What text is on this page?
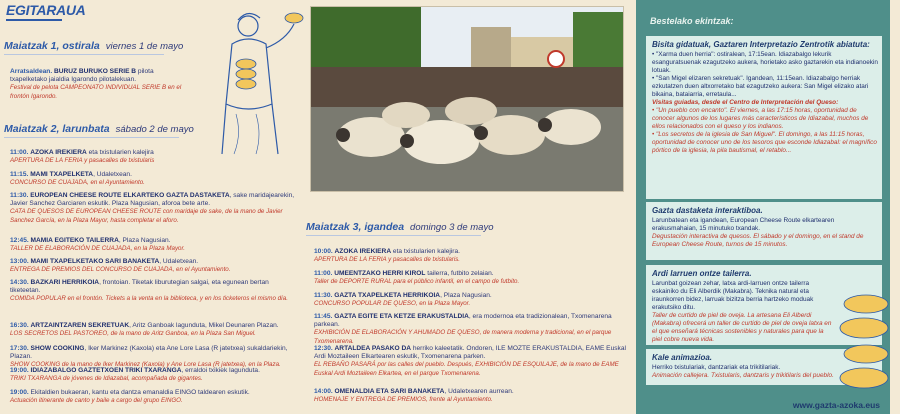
EGITARAUA
Maiatzak 1, ostirala viernes 1 de mayo
Arratsaldean. BURUZ BURUKO SERIE B pilota txapelketako jaialdia Igarondo pilotalekuan.
Festival de pelota CAMPEONATO INDIVIDUAL SERIE B en el frontón Igarondo.
Maiatzak 2, larunbata sábado 2 de mayo
11:00. AZOKA IREKIERA eta txistularien kalejira
APERTURA DE LA FERIA y pasacalles de txistularis
11:15. MAMI TXAPELKETA, Udaletxean.
CONCURSO DE CUAJADA, en el Ayuntamiento.
11:30. EUROPEAN CHEESE ROUTE ELKARTEKO GAZTA DASTAKETA, sake maridajearekin, Javier Sanchez Garciaren eskutik. Plaza Nagusian, aforoa bete arte.
CATA DE QUESOS DE EUROPEAN CHEESE ROUTE con maridaje de sake, de la mano de Javier Sanchez García, en la Plaza Mayor, hasta completar el aforo.
12:45. MAMIA EGITEKO TAILERRA, Plaza Nagusian.
TALLER DE ELABORACIÓN DE CUAJADA, en la Plaza Mayor.
13:00. MAMI TXAPELKETAKO SARI BANAKETA, Udaletxean.
ENTREGA DE PREMIOS DEL CONCURSO DE CUAJADA, en el Ayuntamiento.
14:30. BAZKARI HERRIKOIA, frontoian. Tiketak liburutegian salgai, eta egunean bertan tiketeetan.
COMIDA POPULAR en el frontón. Tickets a la venta en la biblioteca, y en los ticketeros el mismo día.
16:30. ARTZAINTZAREN SEKRETUAK, Aritz Ganboak lagunduta, Mikel Deunaren Plazan.
LOS SECRETOS DEL PASTOREO, de la mano de Aritz Ganboa, en la Plaza San Miguel.
17:30. SHOW COOKING, Iker Markinez (Kaxola) eta Ane Lore Lasa (R jatetxea) sukaldariekin, Plazan.
SHOW COOKING de la mano de Iker Markinez (Kaxola) y Ane Lore Lasa (R jatetxea), en la Plaza.
19:00. IDIAZABALGO GAZTETXOEN TRIKI TXARANGA, erraldoi txikiek lagunduta.
TRIKI TXARANGA de jóvenes de Idiazabal, acompañada de gigantes.
19:00. Ekitaldien bukaeran, kantu eta dantza emanaldia EINGO taldearen eskutik.
Actuación itinerante de canto y baile a cargo del grupo EINGO.
Maiatzak 3, igandea domingo 3 de mayo
10:00. AZOKA IREKIERA eta txistularien kalejira.
APERTURA DE LA FERIA y pasacalles de txistularis.
11:00. UMEENTZAKO HERRI KIROL tailerra, futbito zelaian.
Taller de DEPORTE RURAL para el público infantil, en el campo de futbito.
11:30. GAZTA TXAPELKETA HERRIKOIA, Plaza Nagusian.
CONCURSO POPULAR DE QUESO, en la Plaza Mayor.
11:45. GAZTA EGITE ETA KETZE ERAKUSTALDIA, era modernoa eta tradizionalean, Txomenarena parkean.
EXHIBICIÓN DE ELABORACIÓN Y AHUMADO DE QUESO, de manera moderna y tradicional, en el parque Txomenarena.
12:30. ARTALDEA PASAKO DA herriko kaleetatik. Ondoren, ILE MOZTE ERAKUSTALDIA, EAME Euskal Ardi Moztaileen Elkartearen eskutik, Txomenarena parken.
EL REBAÑO PASARÁ por las calles del pueblo. Después, EXHIBICIÓN DE ESQUILAJE, de la mano de EAME Euskal Ardi Moztaileen Elkartea, en el parque Txomenarena.
14:00. OMENALDIA ETA SARI BANAKETA, Udaletxearen aurrean.
HOMENAJE Y ENTREGA DE PREMIOS, frente al Ayuntamiento.
Bestelako ekintzak:
Bisita gidatuak, Gaztaren Interpretazio Zentrotik abiatuta:
• "Xarma duen herria": ostiralean, 17:15ean. Idiazabalgo lekurik esanguratsuenak ezagutzeko aukera, horietako asko gaztarekin eta indianoekin lotuak.
• "San Migel elizaren sekretuak". Igandean, 11:15ean. Idiazabalgo herriak ezkutatzen duen altxorretako bat ezagutzeko aukera: San Migel elizako atari bikaina, bataiarria, erretaula...
Visitas guiadas, desde el Centro de Interpretación del Queso:
• "Un pueblo con encanto". El viernes, a las 17:15 horas, oportunidad de conocer algunos de los lugares más característicos de Idiazabal, muchos de ellos relacionados con el queso y los indianos.
• "Los secretos de la iglesia de San Miguel". El domingo, a las 11:15 horas, oportunidad de conocer uno de los tesoros que esconde Idiazabal: el magnífico pórtico de la iglesia, la pila bautismal, el retablo...
Gazta dastaketa interaktiboa.
Larunbatean eta igandean, European Cheese Route elkartearen erakusmahaian, 15 minutuko txandak.
Degustación interactiva de quesos. El sábado y el domingo, en el stand de European Cheese Route, turnos de 15 minutos.
Ardi larruen ontze tailerra.
Larunbat goizean zehar, latxa ardi-larruen ontze tailerra eskainiko du Eli Alberdik (Makabra). Teknika natural eta iraunkorren bidez, larruak bizitza berria hartzeko moduak erakutsiko ditu.
Taller de curtido de piel de oveja. La artesana Eli Alberdi (Makabra) ofrecerá un taller de curtido de piel de oveja latxa en el que enseñará técnicas sostenibles y naturales para que la piel cobre nueva vida.
Kale animazioa.
Herriko txistulariak, dantzariak eta trikitilariak.
Animación callejera. Txistularis, dantzaris y trikitilaris del pueblo.
www.gazta-azoka.eus
